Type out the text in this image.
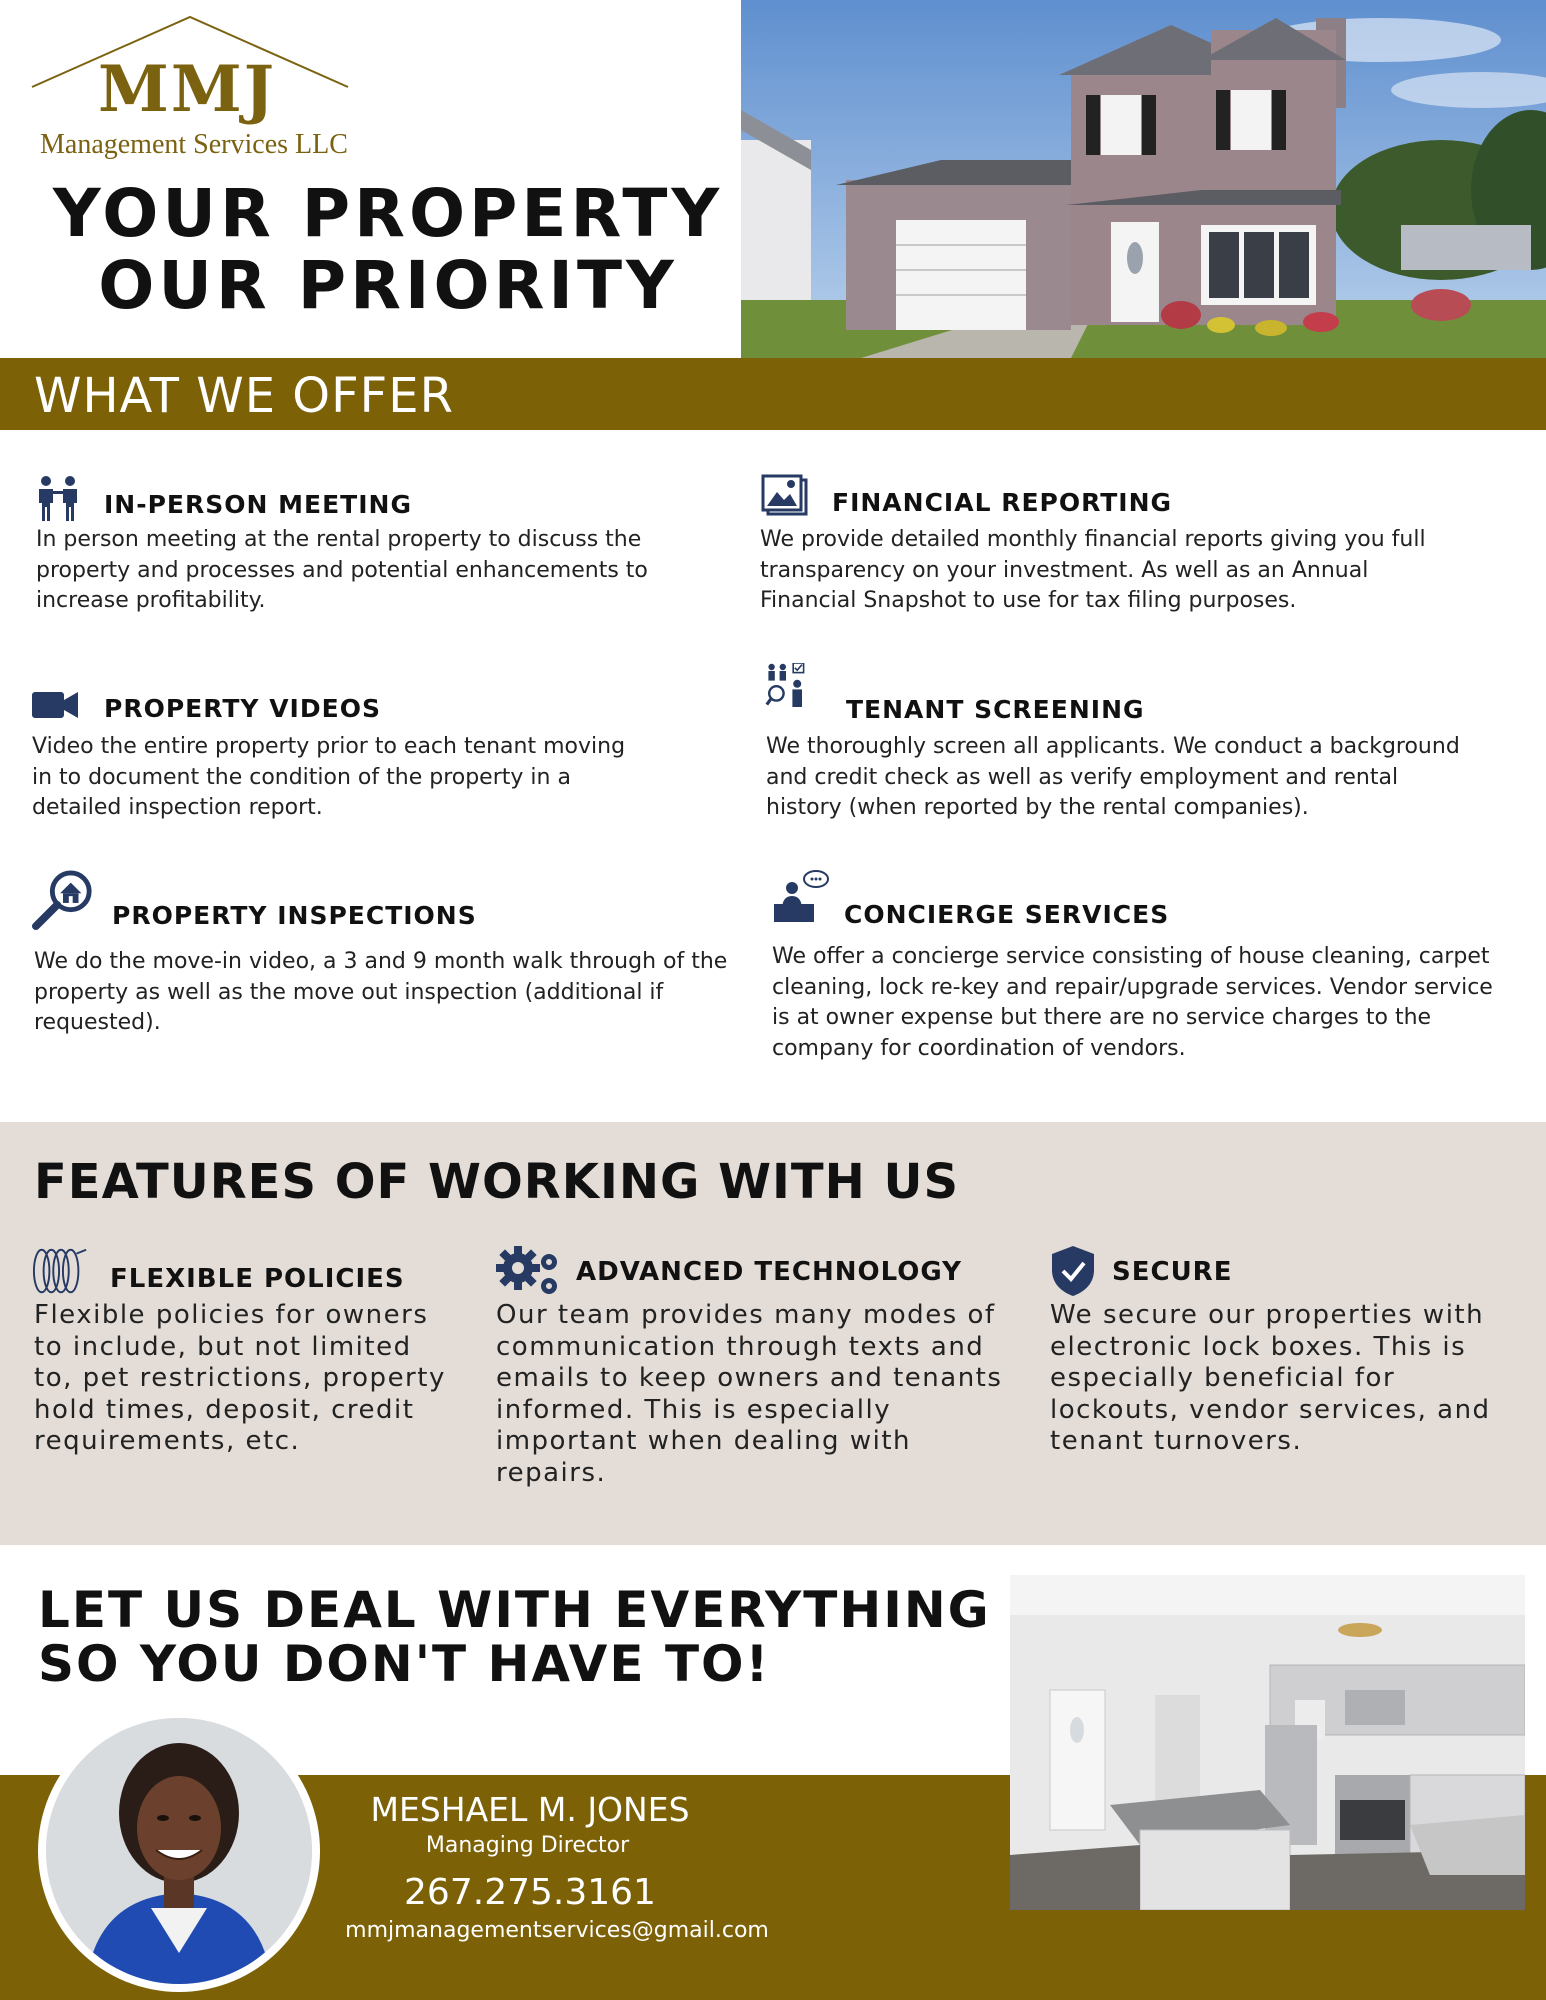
MMJ
Management Services LLC
YOUR PROPERTY
OUR PRIORITY
WHAT WE OFFER
IN-PERSON MEETING
In person meeting at the rental property to discuss the property and processes and potential enhancements to increase profitability.
FINANCIAL REPORTING
We provide detailed monthly financial reports giving you full transparency on your investment. As well as an Annual Financial Snapshot to use for tax filing purposes.
PROPERTY VIDEOS
Video the entire property prior to each tenant moving in to document the condition of the property in a detailed inspection report.
TENANT SCREENING
We thoroughly screen all applicants. We conduct a background and credit check as well as verify employment and rental history (when reported by the rental companies).
PROPERTY INSPECTIONS
We do the move-in video, a 3 and 9 month walk through of the property as well as the move out inspection (additional if requested).
CONCIERGE SERVICES
We offer a concierge service consisting of house cleaning, carpet cleaning, lock re-key and repair/upgrade services. Vendor service is at owner expense but there are no service charges to the company for coordination of vendors.
FEATURES OF WORKING WITH US
FLEXIBLE POLICIES
Flexible policies for owners to include, but not limited to, pet restrictions, property hold times, deposit, credit requirements, etc.
ADVANCED TECHNOLOGY
Our team provides many modes of communication through texts and emails to keep owners and tenants informed. This is especially important when dealing with repairs.
SECURE
We secure our properties with electronic lock boxes. This is especially beneficial for lockouts, vendor services, and tenant turnovers.
LET US DEAL WITH EVERYTHING
SO YOU DON'T HAVE TO!
MESHAEL M. JONES
Managing Director
267.275.3161
mmjmanagementservices@gmail.com
